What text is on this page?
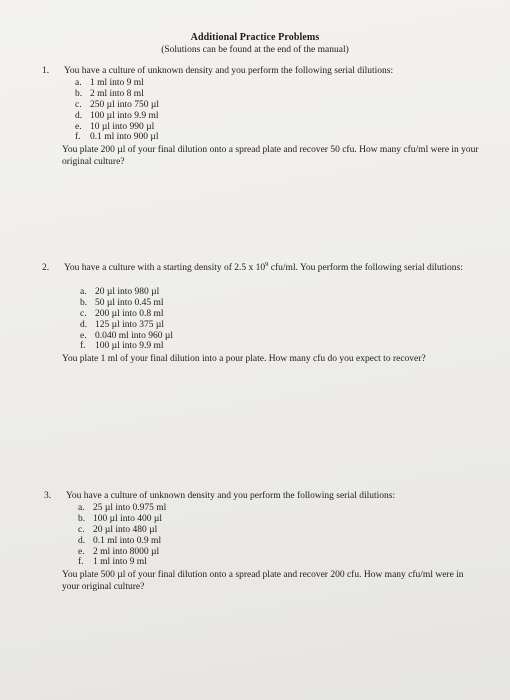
Additional Practice Problems
(Solutions can be found at the end of the manual)
1. You have a culture of unknown density and you perform the following serial dilutions:
a. 1 ml into 9 ml
b. 2 ml into 8 ml
c. 250 µl into 750 µl
d. 100 µl into 9.9 ml
e. 10 µl into 990 µl
f. 0.1 ml into 900 µl
You plate 200 µl of your final dilution onto a spread plate and recover 50 cfu. How many cfu/ml were in your original culture?
2. You have a culture with a starting density of 2.5 x $10^9$ cfu/ml. You perform the following serial dilutions:
a. 20 µl into 980 µl
b. 50 µl into 0.45 ml
c. 200 µl into 0.8 ml
d. 125 µl into 375 µl
e. 0.040 ml into 960 µl
f. 100 µl into 9.9 ml
You plate 1 ml of your final dilution into a pour plate. How many cfu do you expect to recover?
3. You have a culture of unknown density and you perform the following serial dilutions:
a. 25 µl into 0.975 ml
b. 100 µl into 400 µl
c. 20 µl into 480 µl
d. 0.1 ml into 0.9 ml
e. 2 ml into 8000 µl
f. 1 ml into 9 ml
You plate 500 µl of your final dilution onto a spread plate and recover 200 cfu. How many cfu/ml were in your original culture?
